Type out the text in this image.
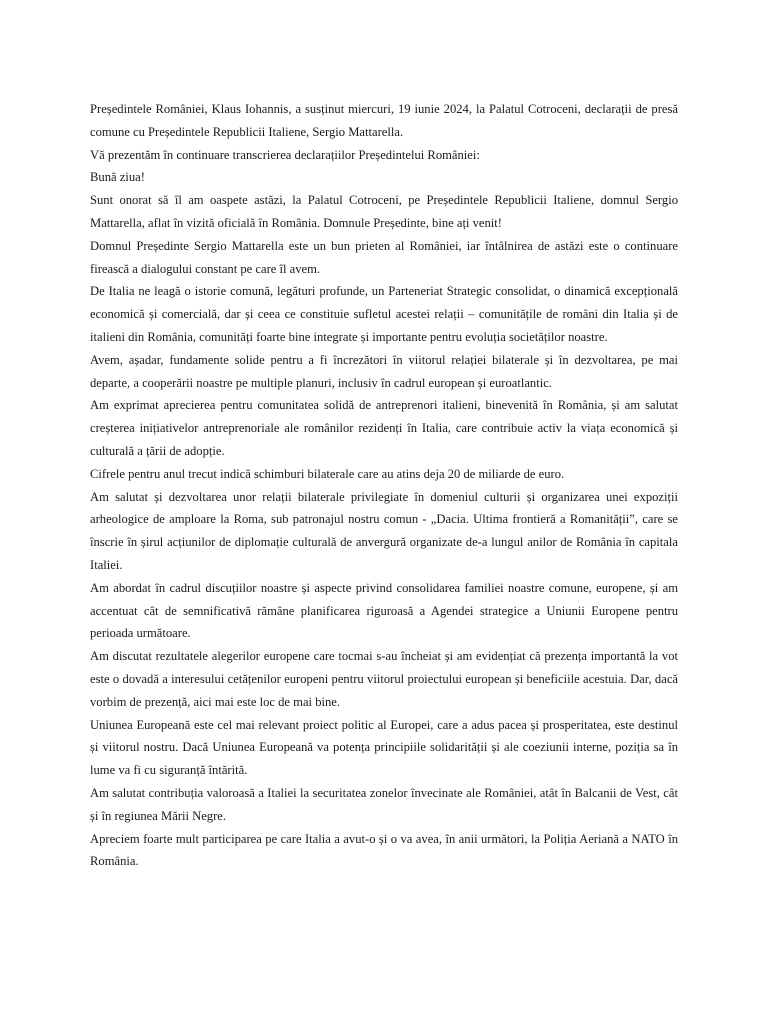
Președintele României, Klaus Iohannis, a susținut miercuri, 19 iunie 2024, la Palatul Cotroceni, declarații de presă comune cu Președintele Republicii Italiene, Sergio Mattarella.

Vă prezentăm în continuare transcrierea declarațiilor Președintelui României:

Bună ziua!

Sunt onorat să îl am oaspete astăzi, la Palatul Cotroceni, pe Președintele Republicii Italiene, domnul Sergio Mattarella, aflat în vizită oficială în România. Domnule Președinte, bine ați venit!

Domnul Președinte Sergio Mattarella este un bun prieten al României, iar întâlnirea de astăzi este o continuare firească a dialogului constant pe care îl avem.

De Italia ne leagă o istorie comună, legături profunde, un Parteneriat Strategic consolidat, o dinamică excepțională economică și comercială, dar și ceea ce constituie sufletul acestei relații – comunitățile de români din Italia și de italieni din România, comunități foarte bine integrate și importante pentru evoluția societăților noastre.

Avem, așadar, fundamente solide pentru a fi încrezători în viitorul relației bilaterale și în dezvoltarea, pe mai departe, a cooperării noastre pe multiple planuri, inclusiv în cadrul european și euroatlantic.

Am exprimat aprecierea pentru comunitatea solidă de antreprenori italieni, binevenită în România, și am salutat creșterea inițiativelor antreprenoriale ale românilor rezidenți în Italia, care contribuie activ la viața economică și culturală a țării de adopție.

Cifrele pentru anul trecut indică schimburi bilaterale care au atins deja 20 de miliarde de euro.

Am salutat și dezvoltarea unor relații bilaterale privilegiate în domeniul culturii și organizarea unei expoziții arheologice de amploare la Roma, sub patronajul nostru comun - „Dacia. Ultima frontieră a Romanității”, care se înscrie în șirul acțiunilor de diplomație culturală de anvergură organizate de-a lungul anilor de România în capitala Italiei.

Am abordat în cadrul discuțiilor noastre și aspecte privind consolidarea familiei noastre comune, europene, și am accentuat cât de semnificativă rămâne planificarea riguroasă a Agendei strategice a Uniunii Europene pentru perioada următoare.

Am discutat rezultatele alegerilor europene care tocmai s-au încheiat și am evidențiat că prezența importantă la vot este o dovadă a interesului cetățenilor europeni pentru viitorul proiectului european și beneficiile acestuia. Dar, dacă vorbim de prezență, aici mai este loc de mai bine.

Uniunea Europeană este cel mai relevant proiect politic al Europei, care a adus pacea și prosperitatea, este destinul și viitorul nostru. Dacă Uniunea Europeană va potența principiile solidarității și ale coeziunii interne, poziția sa în lume va fi cu siguranță întărită.

Am salutat contribuția valoroasă a Italiei la securitatea zonelor învecinate ale României, atât în Balcanii de Vest, cât și în regiunea Mării Negre.

Apreciem foarte mult participarea pe care Italia a avut-o și o va avea, în anii următori, la Poliția Aeriană a NATO în România.
